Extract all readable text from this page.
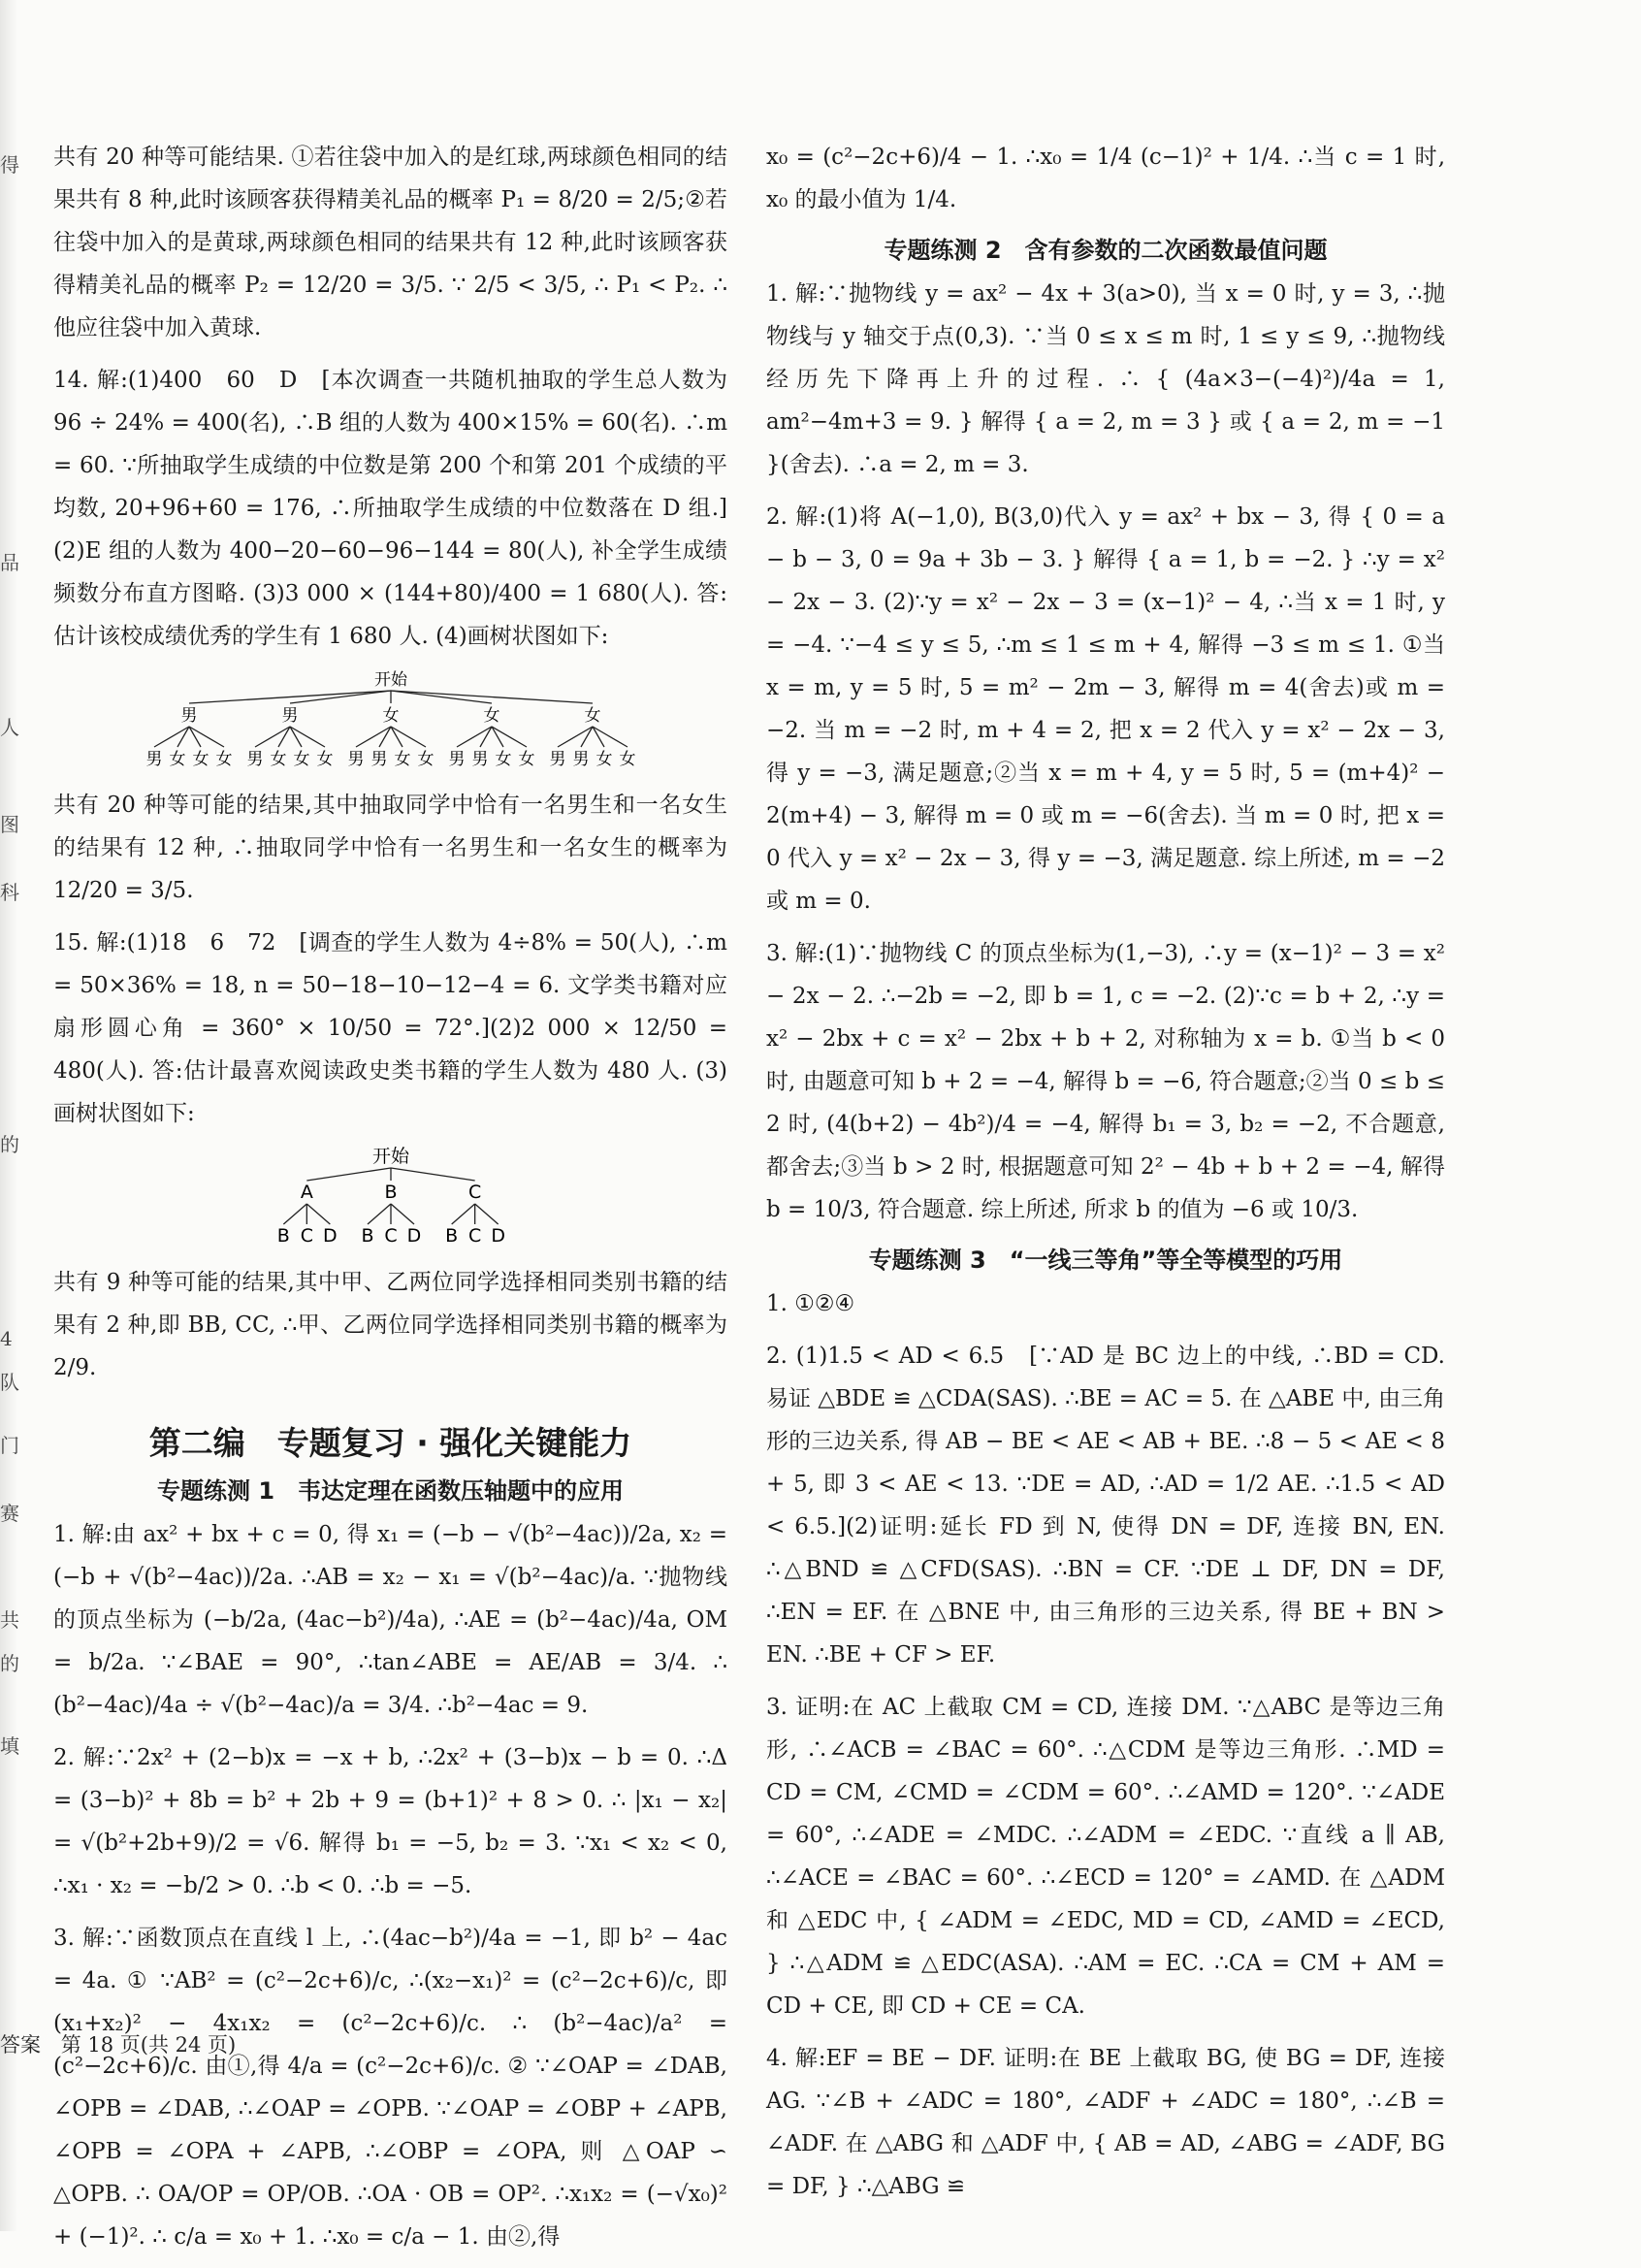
得
品
人
图
科
的
4
队
门
赛
共
的
填

共有 20 种等可能结果. ①若往袋中加入的是红球,两球颜色相同的结果共有 8 种,此时该顾客获得精美礼品的概率 P₁ = 8/20 = 2/5;②若往袋中加入的是黄球,两球颜色相同的结果共有 12 种,此时该顾客获得精美礼品的概率 P₂ = 12/20 = 3/5. ∵ 2/5 < 3/5, ∴ P₁ < P₂. ∴他应往袋中加入黄球.

14. 解:(1)400　60　D　[本次调查一共随机抽取的学生总人数为 96 ÷ 24% = 400(名), ∴B 组的人数为 400×15% = 60(名). ∴m = 60. ∵所抽取学生成绩的中位数是第 200 个和第 201 个成绩的平均数, 20+96+60 = 176, ∴所抽取学生成绩的中位数落在 D 组.](2)E 组的人数为 400−20−60−96−144 = 80(人), 补全学生成绩频数分布直方图略. (3)3 000 × (144+80)/400 = 1 680(人). 答:估计该校成绩优秀的学生有 1 680 人. (4)画树状图如下:

开始
男
男 女 女 女
男
男 女 女 女
女
男 男 女 女
女
男 男 女 女
女
男 男 女 女

共有 20 种等可能的结果,其中抽取同学中恰有一名男生和一名女生的结果有 12 种, ∴抽取同学中恰有一名男生和一名女生的概率为 12/20 = 3/5.

15. 解:(1)18　6　72　[调查的学生人数为 4÷8% = 50(人), ∴m = 50×36% = 18, n = 50−18−10−12−4 = 6. 文学类书籍对应扇形圆心角 = 360° × 10/50 = 72°.](2)2 000 × 12/50 = 480(人). 答:估计最喜欢阅读政史类书籍的学生人数为 480 人. (3)画树状图如下:

开始
A
B C D
B
B C D
C
B C D

共有 9 种等可能的结果,其中甲、乙两位同学选择相同类别书籍的结果有 2 种,即 BB, CC, ∴甲、乙两位同学选择相同类别书籍的概率为 2/9.

第二编　专题复习 · 强化关键能力
专题练测 1　韦达定理在函数压轴题中的应用

1. 解:由 ax² + bx + c = 0, 得 x₁ = (−b − √(b²−4ac))/2a, x₂ = (−b + √(b²−4ac))/2a. ∴AB = x₂ − x₁ = √(b²−4ac)/a. ∵抛物线的顶点坐标为 (−b/2a, (4ac−b²)/4a), ∴AE = (b²−4ac)/4a, OM = b/2a. ∵∠BAE = 90°, ∴tan∠ABE = AE/AB = 3/4. ∴ (b²−4ac)/4a ÷ √(b²−4ac)/a = 3/4. ∴b²−4ac = 9.

2. 解:∵2x² + (2−b)x = −x + b, ∴2x² + (3−b)x − b = 0. ∴Δ = (3−b)² + 8b = b² + 2b + 9 = (b+1)² + 8 > 0. ∴ |x₁ − x₂| = √(b²+2b+9)/2 = √6. 解得 b₁ = −5, b₂ = 3. ∵x₁ < x₂ < 0, ∴x₁ · x₂ = −b/2 > 0. ∴b < 0. ∴b = −5.

3. 解:∵函数顶点在直线 l 上, ∴(4ac−b²)/4a = −1, 即 b² − 4ac = 4a. ① ∵AB² = (c²−2c+6)/c, ∴(x₂−x₁)² = (c²−2c+6)/c, 即(x₁+x₂)² − 4x₁x₂ = (c²−2c+6)/c. ∴ (b²−4ac)/a² = (c²−2c+6)/c. 由①,得 4/a = (c²−2c+6)/c. ② ∵∠OAP = ∠DAB, ∠OPB = ∠DAB, ∴∠OAP = ∠OPB. ∵∠OAP = ∠OBP + ∠APB, ∠OPB = ∠OPA + ∠APB, ∴∠OBP = ∠OPA, 则 △OAP ∽ △OPB. ∴ OA/OP = OP/OB. ∴OA · OB = OP². ∴x₁x₂ = (−√x₀)² + (−1)². ∴ c/a = x₀ + 1. ∴x₀ = c/a − 1. 由②,得

x₀ = (c²−2c+6)/4 − 1. ∴x₀ = 1/4 (c−1)² + 1/4. ∴当 c = 1 时, x₀ 的最小值为 1/4.

专题练测 2　含有参数的二次函数最值问题

1. 解:∵抛物线 y = ax² − 4x + 3(a>0), 当 x = 0 时, y = 3, ∴抛物线与 y 轴交于点(0,3). ∵当 0 ≤ x ≤ m 时, 1 ≤ y ≤ 9, ∴抛物线经历先下降再上升的过程. ∴ { (4a×3−(−4)²)/4a = 1, am²−4m+3 = 9. } 解得 { a = 2, m = 3 } 或 { a = 2, m = −1 }(舍去). ∴a = 2, m = 3.

2. 解:(1)将 A(−1,0), B(3,0)代入 y = ax² + bx − 3, 得 { 0 = a − b − 3, 0 = 9a + 3b − 3. } 解得 { a = 1, b = −2. } ∴y = x² − 2x − 3. (2)∵y = x² − 2x − 3 = (x−1)² − 4, ∴当 x = 1 时, y = −4. ∵−4 ≤ y ≤ 5, ∴m ≤ 1 ≤ m + 4, 解得 −3 ≤ m ≤ 1. ①当 x = m, y = 5 时, 5 = m² − 2m − 3, 解得 m = 4(舍去)或 m = −2. 当 m = −2 时, m + 4 = 2, 把 x = 2 代入 y = x² − 2x − 3, 得 y = −3, 满足题意;②当 x = m + 4, y = 5 时, 5 = (m+4)² − 2(m+4) − 3, 解得 m = 0 或 m = −6(舍去). 当 m = 0 时, 把 x = 0 代入 y = x² − 2x − 3, 得 y = −3, 满足题意. 综上所述, m = −2 或 m = 0.

3. 解:(1)∵抛物线 C 的顶点坐标为(1,−3), ∴y = (x−1)² − 3 = x² − 2x − 2. ∴−2b = −2, 即 b = 1, c = −2. (2)∵c = b + 2, ∴y = x² − 2bx + c = x² − 2bx + b + 2, 对称轴为 x = b. ①当 b < 0 时, 由题意可知 b + 2 = −4, 解得 b = −6, 符合题意;②当 0 ≤ b ≤ 2 时, (4(b+2) − 4b²)/4 = −4, 解得 b₁ = 3, b₂ = −2, 不合题意, 都舍去;③当 b > 2 时, 根据题意可知 2² − 4b + b + 2 = −4, 解得 b = 10/3, 符合题意. 综上所述, 所求 b 的值为 −6 或 10/3.

专题练测 3　“一线三等角”等全等模型的巧用

1. ①②④

2. (1)1.5 < AD < 6.5　[∵AD 是 BC 边上的中线, ∴BD = CD. 易证 △BDE ≌ △CDA(SAS). ∴BE = AC = 5. 在 △ABE 中, 由三角形的三边关系, 得 AB − BE < AE < AB + BE. ∴8 − 5 < AE < 8 + 5, 即 3 < AE < 13. ∵DE = AD, ∴AD = 1/2 AE. ∴1.5 < AD < 6.5.](2)证明:延长 FD 到 N, 使得 DN = DF, 连接 BN, EN. ∴△BND ≌ △CFD(SAS). ∴BN = CF. ∵DE ⊥ DF, DN = DF, ∴EN = EF. 在 △BNE 中, 由三角形的三边关系, 得 BE + BN > EN. ∴BE + CF > EF.

3. 证明:在 AC 上截取 CM = CD, 连接 DM. ∵△ABC 是等边三角形, ∴∠ACB = ∠BAC = 60°. ∴△CDM 是等边三角形. ∴MD = CD = CM, ∠CMD = ∠CDM = 60°. ∴∠AMD = 120°. ∵∠ADE = 60°, ∴∠ADE = ∠MDC. ∴∠ADM = ∠EDC. ∵直线 a ∥ AB, ∴∠ACE = ∠BAC = 60°. ∴∠ECD = 120° = ∠AMD. 在 △ADM 和 △EDC 中, { ∠ADM = ∠EDC, MD = CD, ∠AMD = ∠ECD, } ∴△ADM ≌ △EDC(ASA). ∴AM = EC. ∴CA = CM + AM = CD + CE, 即 CD + CE = CA.

4. 解:EF = BE − DF. 证明:在 BE 上截取 BG, 使 BG = DF, 连接 AG. ∵∠B + ∠ADC = 180°, ∠ADF + ∠ADC = 180°, ∴∠B = ∠ADF. 在 △ABG 和 △ADF 中, { AB = AD, ∠ABG = ∠ADF, BG = DF, } ∴△ABG ≌

答案 第 18 页(共 24 页)
